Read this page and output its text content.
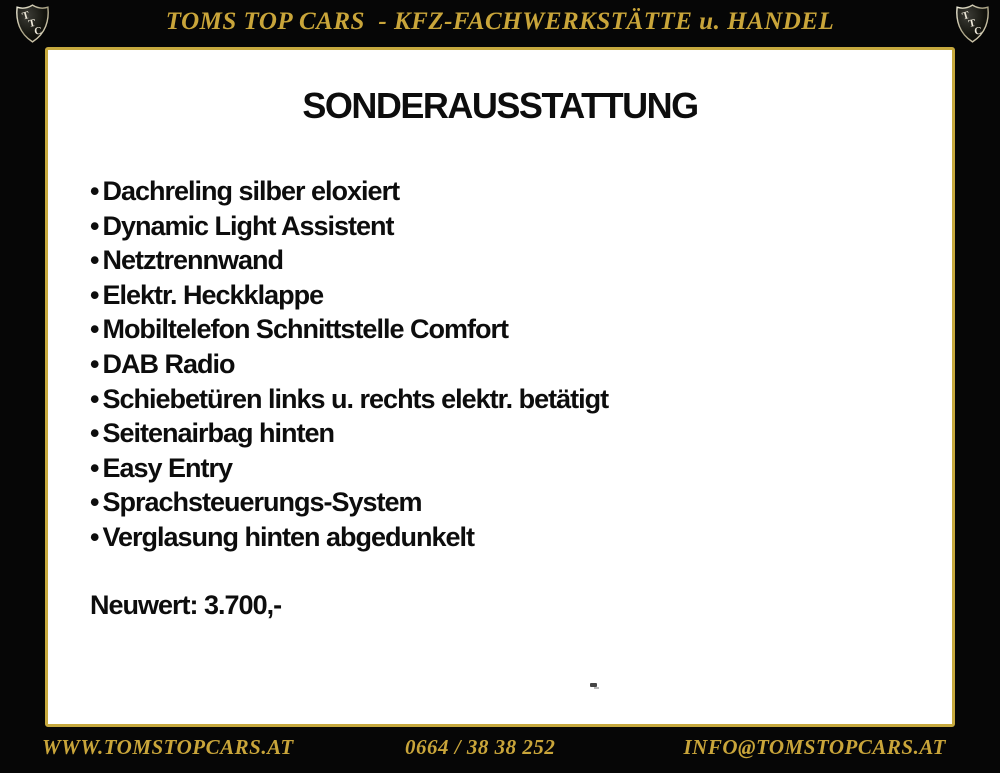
T
T
C	TOMS TOP CARS  - KFZ-FACHWERKSTÄTTE u. HANDEL	T
T
C
SONDERAUSSTATTUNG
• Dachreling silber eloxiert
• Dynamic Light Assistent
• Netztrennwand
• Elektr. Heckklappe
• Mobiltelefon Schnittstelle Comfort
• DAB Radio
• Schiebetüren links u. rechts elektr. betätigt
• Seitenairbag hinten
• Easy Entry
• Sprachsteuerungs-System
• Verglasung hinten abgedunkelt
Neuwert: 3.700,-
WWW.TOMSTOPCARS.AT	0664 / 38 38 252	INFO@TOMSTOPCARS.AT
